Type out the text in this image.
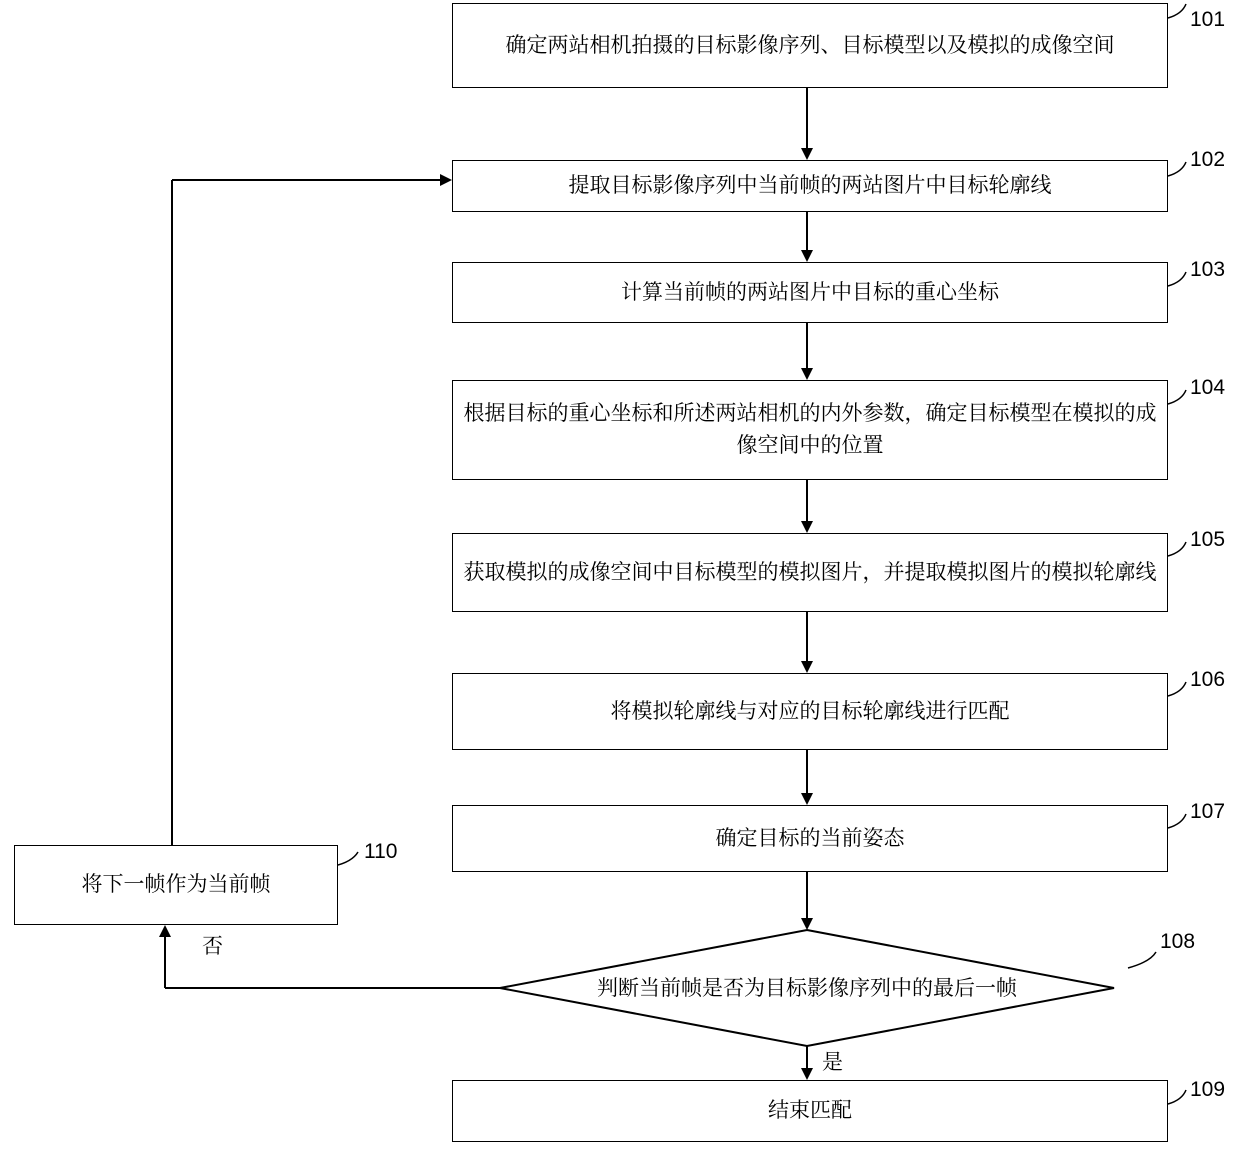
确定两站相机拍摄的目标影像序列、目标模型以及模拟的成像空间
101
提取目标影像序列中当前帧的两站图片中目标轮廓线
102
计算当前帧的两站图片中目标的重心坐标
103
根据目标的重心坐标和所述两站相机的内外参数，确定目标模型在模拟的成像空间中的位置
104
获取模拟的成像空间中目标模型的模拟图片，并提取模拟图片的模拟轮廓线
105
将模拟轮廓线与对应的目标轮廓线进行匹配
106
确定目标的当前姿态
107
判断当前帧是否为目标影像序列中的最后一帧
108
结束匹配
109
将下一帧作为当前帧
110
否
是
